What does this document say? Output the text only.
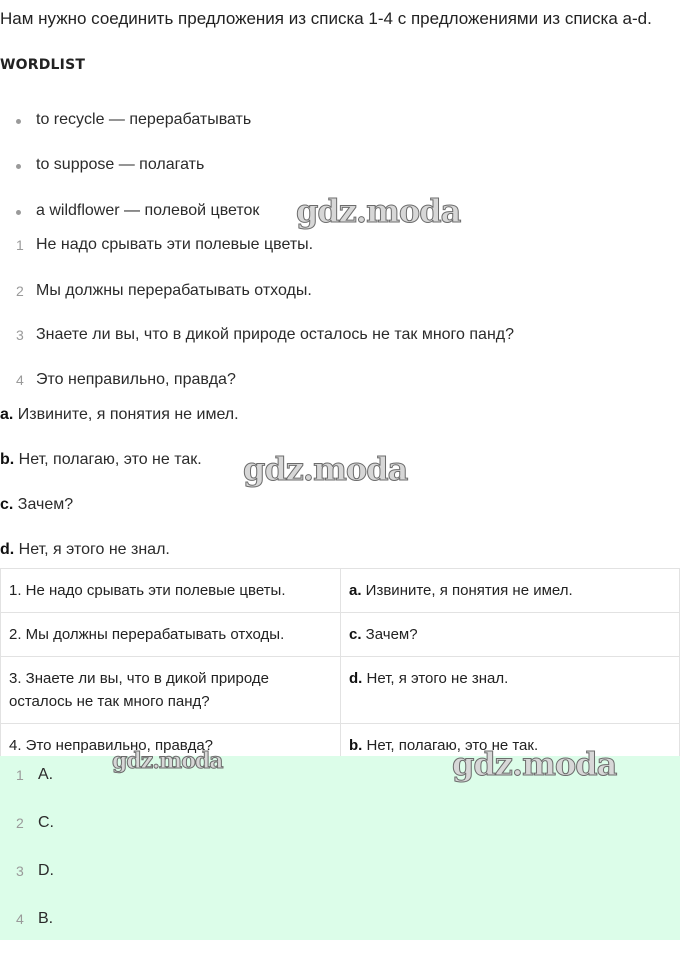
Нам нужно соединить предложения из списка 1-4 с предложениями из списка a-d.
WORDLIST
to recycle — перерабатывать
to suppose — полагать
a wildflower — полевой цветок
1 Не надо срывать эти полевые цветы.
2 Мы должны перерабатывать отходы.
3 Знаете ли вы, что в дикой природе осталось не так много панд?
4 Это неправильно, правда?
a. Извините, я понятия не имел.
b. Нет, полагаю, это не так.
c. Зачем?
d. Нет, я этого не знал.
1. Не надо срывать эти полевые цветы.	a. Извините, я понятия не имел.
2. Мы должны перерабатывать отходы.	c. Зачем?
3. Знаете ли вы, что в дикой природе осталось не так много панд?	d. Нет, я этого не знал.
4. Это неправильно, правда?	b. Нет, полагаю, это не так.
1 A.
2 C.
3 D.
4 B.
gdz.moda
gdz.moda
gdz.moda	gdz.moda
